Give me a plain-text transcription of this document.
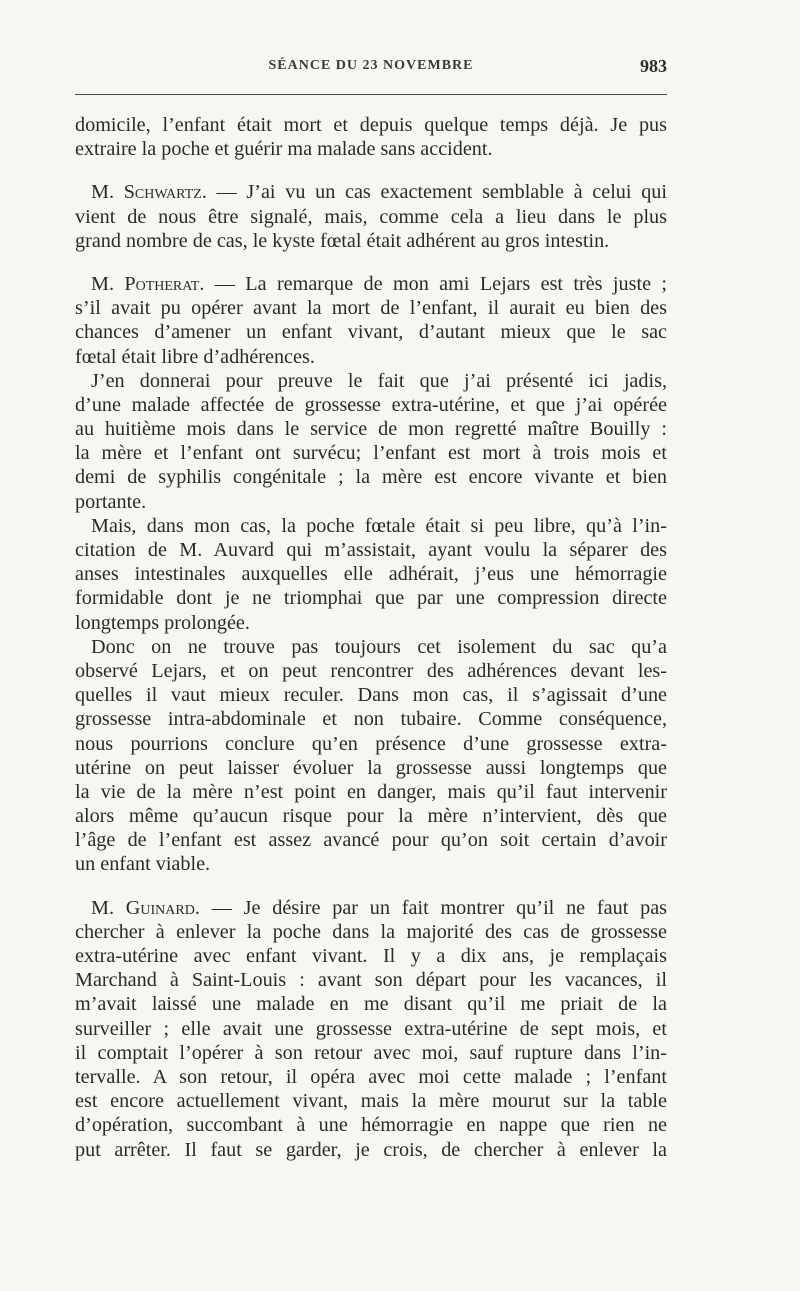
SÉANCE DU 23 NOVEMBRE	983
domicile, l’enfant était mort et depuis quelque temps déjà. Je pus
extraire la poche et guérir ma malade sans accident.
M. Schwartz. — J’ai vu un cas exactement semblable à celui qui
vient de nous être signalé, mais, comme cela a lieu dans le plus
grand nombre de cas, le kyste fœtal était adhérent au gros intestin.
M. Potherat. — La remarque de mon ami Lejars est très juste ;
s’il avait pu opérer avant la mort de l’enfant, il aurait eu bien des
chances d’amener un enfant vivant, d’autant mieux que le sac
fœtal était libre d’adhérences.
J’en donnerai pour preuve le fait que j’ai présenté ici jadis,
d’une malade affectée de grossesse extra-utérine, et que j’ai opérée
au huitième mois dans le service de mon regretté maître Bouilly :
la mère et l’enfant ont survécu; l’enfant est mort à trois mois et
demi de syphilis congénitale ; la mère est encore vivante et bien
portante.
Mais, dans mon cas, la poche fœtale était si peu libre, qu’à l’in-
citation de M. Auvard qui m’assistait, ayant voulu la séparer des
anses intestinales auxquelles elle adhérait, j’eus une hémorragie
formidable dont je ne triomphai que par une compression directe
longtemps prolongée.
Donc on ne trouve pas toujours cet isolement du sac qu’a
observé Lejars, et on peut rencontrer des adhérences devant les-
quelles il vaut mieux reculer. Dans mon cas, il s’agissait d’une
grossesse intra-abdominale et non tubaire. Comme conséquence,
nous pourrions conclure qu’en présence d’une grossesse extra-
utérine on peut laisser évoluer la grossesse aussi longtemps que
la vie de la mère n’est point en danger, mais qu’il faut intervenir
alors même qu’aucun risque pour la mère n’intervient, dès que
l’âge de l’enfant est assez avancé pour qu’on soit certain d’avoir
un enfant viable.
M. Guinard. — Je désire par un fait montrer qu’il ne faut pas
chercher à enlever la poche dans la majorité des cas de grossesse
extra-utérine avec enfant vivant. Il y a dix ans, je remplaçais
Marchand à Saint-Louis : avant son départ pour les vacances, il
m’avait laissé une malade en me disant qu’il me priait de la
surveiller ; elle avait une grossesse extra-utérine de sept mois, et
il comptait l’opérer à son retour avec moi, sauf rupture dans l’in-
tervalle. A son retour, il opéra avec moi cette malade ; l’enfant
est encore actuellement vivant, mais la mère mourut sur la table
d’opération, succombant à une hémorragie en nappe que rien ne
put arrêter. Il faut se garder, je crois, de chercher à enlever la
